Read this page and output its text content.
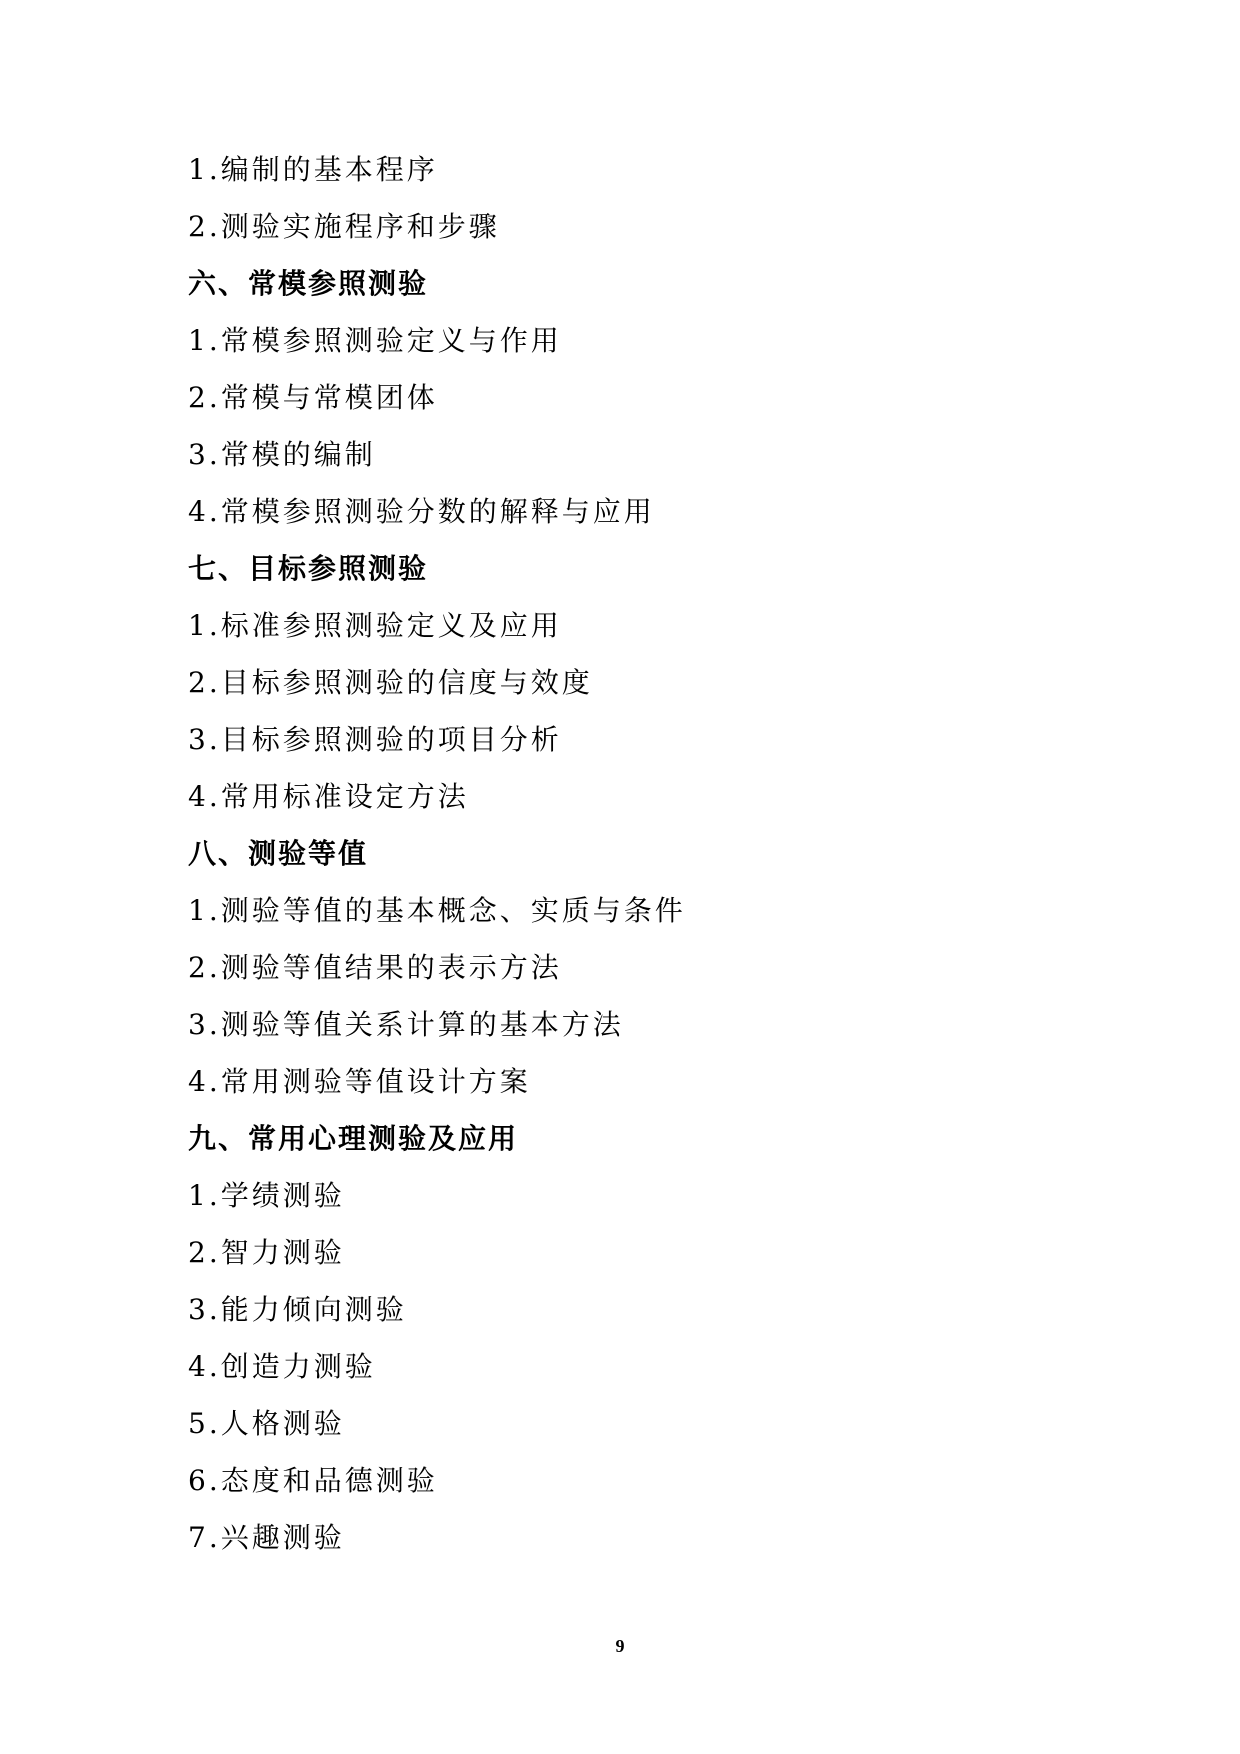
1.编制的基本程序
2.测验实施程序和步骤
六、常模参照测验
1.常模参照测验定义与作用
2.常模与常模团体
3.常模的编制
4.常模参照测验分数的解释与应用
七、目标参照测验
1.标准参照测验定义及应用
2.目标参照测验的信度与效度
3.目标参照测验的项目分析
4.常用标准设定方法
八、测验等值
1.测验等值的基本概念、实质与条件
2.测验等值结果的表示方法
3.测验等值关系计算的基本方法
4.常用测验等值设计方案
九、常用心理测验及应用
1.学绩测验
2.智力测验
3.能力倾向测验
4.创造力测验
5.人格测验
6.态度和品德测验
7.兴趣测验
9
